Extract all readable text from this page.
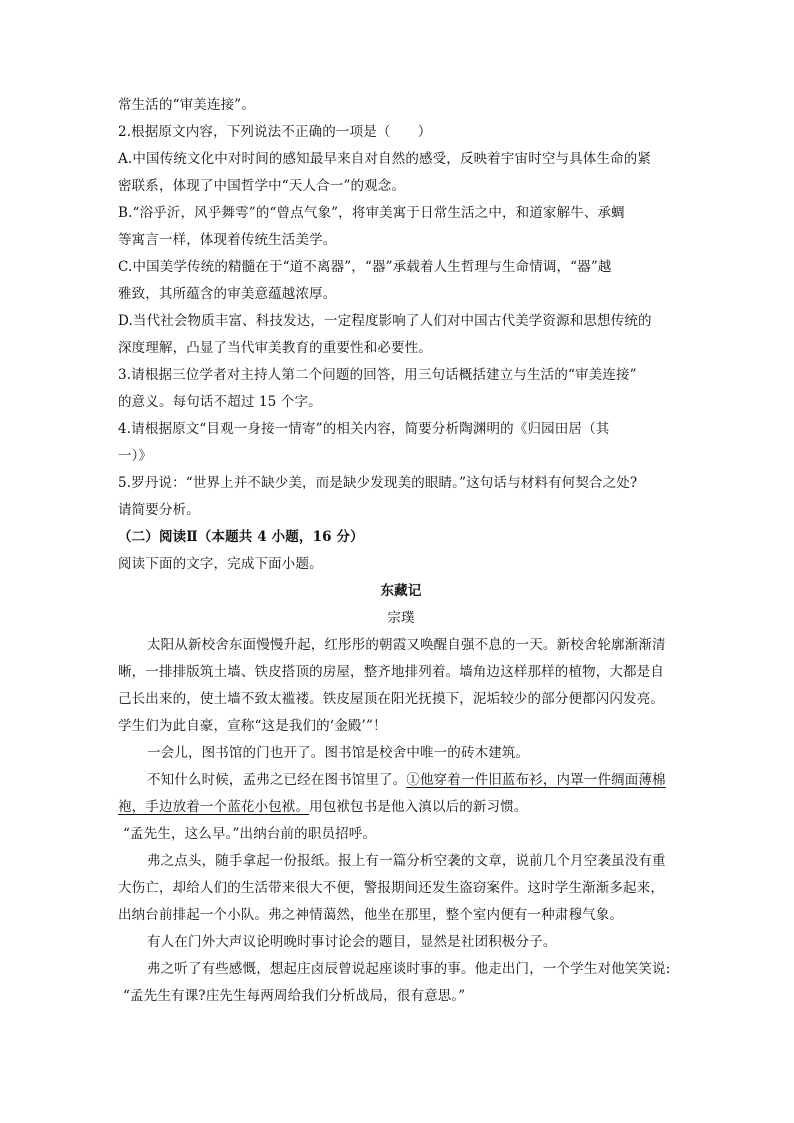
常生活的“审美连接”。
2.根据原文内容，下列说法不正确的一项是（　　）
A.中国传统文化中对时间的感知最早来自对自然的感受，反映着宇宙时空与具体生命的紧
密联系，体现了中国哲学中“天人合一”的观念。
B.“浴乎沂，风乎舞雩”的“曾点气象”，将审美寓于日常生活之中，和道家解牛、承蜩
等寓言一样，体现着传统生活美学。
C.中国美学传统的精髓在于“道不离器”，“器”承载着人生哲理与生命情调，“器”越
雅致，其所蕴含的审美意蕴越浓厚。
D.当代社会物质丰富、科技发达，一定程度影响了人们对中国古代美学资源和思想传统的
深度理解，凸显了当代审美教育的重要性和必要性。
3.请根据三位学者对主持人第二个问题的回答，用三句话概括建立与生活的“审美连接”
的意义。每句话不超过 15 个字。
4.请根据原文“目观一身接一情寄”的相关内容，简要分析陶渊明的《归园田居（其
一）》
5.罗丹说：“世界上并不缺少美，而是缺少发现美的眼睛。”这句话与材料有何契合之处?
请简要分析。
（二）阅读Ⅱ（本题共 4 小题，16 分）
阅读下面的文字，完成下面小题。
东藏记
宗璞
太阳从新校舍东面慢慢升起，红彤彤的朝霞又唤醒自强不息的一天。新校舍轮廓渐渐清
晰，一排排版筑土墙、铁皮搭顶的房屋，整齐地排列着。墙角边这样那样的植物，大都是自
己长出来的，使土墙不致太褴褛。铁皮屋顶在阳光抚摸下，泥垢较少的部分便都闪闪发亮。
学生们为此自豪，宣称“这是我们的‘金殿’”！
一会儿，图书馆的门也开了。图书馆是校舍中唯一的砖木建筑。
不知什么时候，孟弗之已经在图书馆里了。①他穿着一件旧蓝布衫，内罩一件绸面薄棉
袍，手边放着一个蓝花小包袱。用包袱包书是他入滇以后的新习惯。
“孟先生，这么早。”出纳台前的职员招呼。
弗之点头，随手拿起一份报纸。报上有一篇分析空袭的文章，说前几个月空袭虽没有重
大伤亡，却给人们的生活带来很大不便，警报期间还发生盗窃案件。这时学生渐渐多起来，
出纳台前排起一个小队。弗之神情蔼然，他坐在那里，整个室内便有一种肃穆气象。
有人在门外大声议论明晚时事讨论会的题目，显然是社团积极分子。
弗之听了有些感慨，想起庄卤辰曾说起座谈时事的事。他走出门，一个学生对他笑笑说:
“孟先生有课?庄先生每两周给我们分析战局，很有意思。”
